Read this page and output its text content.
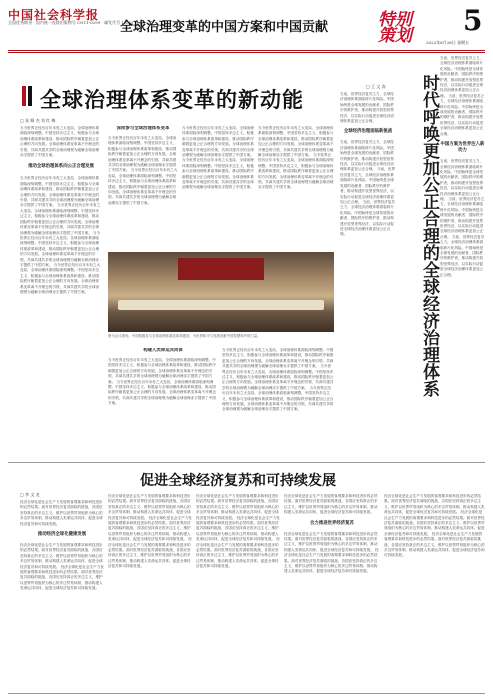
中国社会科学报
全国优秀期刊 · 国内统一连续出版物号 CN11-0299 · 邮发代号 1-270
全球治理变革的中国方案和中国贡献	特别策划 5
2022年8月26日 星期五
全球治理体系变革的新动能
□ 张 顺 杰 刘 红 梅
当今世界正经历百年未有之大变局，全球治理体系面临深刻调整。中国坚持多边主义，积极参与全球治理体系改革和建设，推动国际秩序朝着更加公正合理的方向发展。全球治理体系变革离不开理念的引领，共商共建共享的全球治理观为破解全球治理赤字提供了中国方案。
推动全球治理体系向公正合理发展
当今世界正经历百年未有之大变局，全球治理体系面临深刻调整。中国坚持多边主义，积极参与全球治理体系改革和建设，推动国际秩序朝着更加公正合理的方向发展。全球治理体系变革离不开理念的引领，共商共建共享的全球治理观为破解全球治理赤字提供了中国方案。 当今世界正经历百年未有之大变局，全球治理体系面临深刻调整。中国坚持多边主义，积极参与全球治理体系改革和建设，推动国际秩序朝着更加公正合理的方向发展。全球治理体系变革离不开理念的引领，共商共建共享的全球治理观为破解全球治理赤字提供了中国方案。 当今世界正经历百年未有之大变局，全球治理体系面临深刻调整。中国坚持多边主义，积极参与全球治理体系改革和建设，推动国际秩序朝着更加公正合理的方向发展。全球治理体系变革离不开理念的引领，共商共建共享的全球治理观为破解全球治理赤字提供了中国方案。 当今世界正经历百年未有之大变局，全球治理体系面临深刻调整。中国坚持多边主义，积极参与全球治理体系改革和建设，推动国际秩序朝着更加公正合理的方向发展。全球治理体系变革离不开理念的引领，共商共建共享的全球治理观为破解全球治理赤字提供了中国方案。
深度参与全球治理体系变革
当今世界正经历百年未有之大变局，全球治理体系面临深刻调整。中国坚持多边主义，积极参与全球治理体系改革和建设，推动国际秩序朝着更加公正合理的方向发展。全球治理体系变革离不开理念的引领，共商共建共享的全球治理观为破解全球治理赤字提供了中国方案。 当今世界正经历百年未有之大变局，全球治理体系面临深刻调整。中国坚持多边主义，积极参与全球治理体系改革和建设，推动国际秩序朝着更加公正合理的方向发展。全球治理体系变革离不开理念的引领，共商共建共享的全球治理观为破解全球治理赤字提供了中国方案。
当今世界正经历百年未有之大变局，全球治理体系面临深刻调整。中国坚持多边主义，积极参与全球治理体系改革和建设，推动国际秩序朝着更加公正合理的方向发展。全球治理体系变革离不开理念的引领，共商共建共享的全球治理观为破解全球治理赤字提供了中国方案。 当今世界正经历百年未有之大变局，全球治理体系面临深刻调整。中国坚持多边主义，积极参与全球治理体系改革和建设，推动国际秩序朝着更加公正合理的方向发展。全球治理体系变革离不开理念的引领，共商共建共享的全球治理观为破解全球治理赤字提供了中国方案。
当今世界正经历百年未有之大变局，全球治理体系面临深刻调整。中国坚持多边主义，积极参与全球治理体系改革和建设，推动国际秩序朝着更加公正合理的方向发展。全球治理体系变革离不开理念的引领，共商共建共享的全球治理观为破解全球治理赤字提供了中国方案。 当今世界正经历百年未有之大变局，全球治理体系面临深刻调整。中国坚持多边主义，积极参与全球治理体系改革和建设，推动国际秩序朝着更加公正合理的方向发展。全球治理体系变革离不开理念的引领，共商共建共享的全球治理观为破解全球治理赤字提供了中国方案。
图为会议现场。中国积极参与全球治理体系改革和建设，为世界和平与发展贡献中国智慧和中国力量。
构建人类命运共同体
当今世界正经历百年未有之大变局，全球治理体系面临深刻调整。中国坚持多边主义，积极参与全球治理体系改革和建设，推动国际秩序朝着更加公正合理的方向发展。全球治理体系变革离不开理念的引领，共商共建共享的全球治理观为破解全球治理赤字提供了中国方案。 当今世界正经历百年未有之大变局，全球治理体系面临深刻调整。中国坚持多边主义，积极参与全球治理体系改革和建设，推动国际秩序朝着更加公正合理的方向发展。全球治理体系变革离不开理念的引领，共商共建共享的全球治理观为破解全球治理赤字提供了中国方案。
当今世界正经历百年未有之大变局，全球治理体系面临深刻调整。中国坚持多边主义，积极参与全球治理体系改革和建设，推动国际秩序朝着更加公正合理的方向发展。全球治理体系变革离不开理念的引领，共商共建共享的全球治理观为破解全球治理赤字提供了中国方案。 当今世界正经历百年未有之大变局，全球治理体系面临深刻调整。中国坚持多边主义，积极参与全球治理体系改革和建设，推动国际秩序朝着更加公正合理的方向发展。全球治理体系变革离不开理念的引领，共商共建共享的全球治理观为破解全球治理赤字提供了中国方案。 当今世界正经历百年未有之大变局，全球治理体系面临深刻调整。中国坚持多边主义，积极参与全球治理体系改革和建设，推动国际秩序朝着更加公正合理的方向发展。全球治理体系变革离不开理念的引领，共商共建共享的全球治理观为破解全球治理赤字提供了中国方案。
□ 王 文 涛
当前，世界经济复苏乏力，全球经济治理体系面临碎片化风险。中国始终是全球发展的贡献者、国际秩序的维护者，推动构建开放型世界经济，以实际行动促进全球经济治理体系更加公正合理。
全球经济治理面临新挑战
当前，世界经济复苏乏力，全球经济治理体系面临碎片化风险。中国始终是全球发展的贡献者、国际秩序的维护者，推动构建开放型世界经济，以实际行动促进全球经济治理体系更加公正合理。 当前，世界经济复苏乏力，全球经济治理体系面临碎片化风险。中国始终是全球发展的贡献者、国际秩序的维护者，推动构建开放型世界经济，以实际行动促进全球经济治理体系更加公正合理。 当前，世界经济复苏乏力，全球经济治理体系面临碎片化风险。中国始终是全球发展的贡献者、国际秩序的维护者，推动构建开放型世界经济，以实际行动促进全球经济治理体系更加公正合理。	时代呼唤更加公正合理的全球经济治理体系
当前，世界经济复苏乏力，全球经济治理体系面临碎片化风险。中国始终是全球发展的贡献者、国际秩序的维护者，推动构建开放型世界经济，以实际行动促进全球经济治理体系更加公正合理。 当前，世界经济复苏乏力，全球经济治理体系面临碎片化风险。中国始终是全球发展的贡献者、国际秩序的维护者，推动构建开放型世界经济，以实际行动促进全球经济治理体系更加公正合理。
中国方案为世界注入新动力
当前，世界经济复苏乏力，全球经济治理体系面临碎片化风险。中国始终是全球发展的贡献者、国际秩序的维护者，推动构建开放型世界经济，以实际行动促进全球经济治理体系更加公正合理。 当前，世界经济复苏乏力，全球经济治理体系面临碎片化风险。中国始终是全球发展的贡献者、国际秩序的维护者，推动构建开放型世界经济，以实际行动促进全球经济治理体系更加公正合理。 当前，世界经济复苏乏力，全球经济治理体系面临碎片化风险。中国始终是全球发展的贡献者、国际秩序的维护者，推动构建开放型世界经济，以实际行动促进全球经济治理体系更加公正合理。
促进全球经济复苏和可持续发展
□ 李 文 龙
经济全球化是社会生产力发展的客观要求和科技进步的必然结果。面对世界经济复苏面临的挑战，各国应坚持真正的多边主义，维护以世界贸易组织为核心的多边贸易体制，推动构建人类命运共同体，促进全球经济复苏和可持续发展。
推动经济全球化健康发展
经济全球化是社会生产力发展的客观要求和科技进步的必然结果。面对世界经济复苏面临的挑战，各国应坚持真正的多边主义，维护以世界贸易组织为核心的多边贸易体制，推动构建人类命运共同体，促进全球经济复苏和可持续发展。 经济全球化是社会生产力发展的客观要求和科技进步的必然结果。面对世界经济复苏面临的挑战，各国应坚持真正的多边主义，维护以世界贸易组织为核心的多边贸易体制，推动构建人类命运共同体，促进全球经济复苏和可持续发展。
经济全球化是社会生产力发展的客观要求和科技进步的必然结果。面对世界经济复苏面临的挑战，各国应坚持真正的多边主义，维护以世界贸易组织为核心的多边贸易体制，推动构建人类命运共同体，促进全球经济复苏和可持续发展。 经济全球化是社会生产力发展的客观要求和科技进步的必然结果。面对世界经济复苏面临的挑战，各国应坚持真正的多边主义，维护以世界贸易组织为核心的多边贸易体制，推动构建人类命运共同体，促进全球经济复苏和可持续发展。 经济全球化是社会生产力发展的客观要求和科技进步的必然结果。面对世界经济复苏面临的挑战，各国应坚持真正的多边主义，维护以世界贸易组织为核心的多边贸易体制，推动构建人类命运共同体，促进全球经济复苏和可持续发展。
经济全球化是社会生产力发展的客观要求和科技进步的必然结果。面对世界经济复苏面临的挑战，各国应坚持真正的多边主义，维护以世界贸易组织为核心的多边贸易体制，推动构建人类命运共同体，促进全球经济复苏和可持续发展。 经济全球化是社会生产力发展的客观要求和科技进步的必然结果。面对世界经济复苏面临的挑战，各国应坚持真正的多边主义，维护以世界贸易组织为核心的多边贸易体制，推动构建人类命运共同体，促进全球经济复苏和可持续发展。 经济全球化是社会生产力发展的客观要求和科技进步的必然结果。面对世界经济复苏面临的挑战，各国应坚持真正的多边主义，维护以世界贸易组织为核心的多边贸易体制，推动构建人类命运共同体，促进全球经济复苏和可持续发展。
经济全球化是社会生产力发展的客观要求和科技进步的必然结果。面对世界经济复苏面临的挑战，各国应坚持真正的多边主义，维护以世界贸易组织为核心的多边贸易体制，推动构建人类命运共同体，促进全球经济复苏和可持续发展。
合力推进世界经济复苏
经济全球化是社会生产力发展的客观要求和科技进步的必然结果。面对世界经济复苏面临的挑战，各国应坚持真正的多边主义，维护以世界贸易组织为核心的多边贸易体制，推动构建人类命运共同体，促进全球经济复苏和可持续发展。 经济全球化是社会生产力发展的客观要求和科技进步的必然结果。面对世界经济复苏面临的挑战，各国应坚持真正的多边主义，维护以世界贸易组织为核心的多边贸易体制，推动构建人类命运共同体，促进全球经济复苏和可持续发展。
经济全球化是社会生产力发展的客观要求和科技进步的必然结果。面对世界经济复苏面临的挑战，各国应坚持真正的多边主义，维护以世界贸易组织为核心的多边贸易体制，推动构建人类命运共同体，促进全球经济复苏和可持续发展。 经济全球化是社会生产力发展的客观要求和科技进步的必然结果。面对世界经济复苏面临的挑战，各国应坚持真正的多边主义，维护以世界贸易组织为核心的多边贸易体制，推动构建人类命运共同体，促进全球经济复苏和可持续发展。 经济全球化是社会生产力发展的客观要求和科技进步的必然结果。面对世界经济复苏面临的挑战，各国应坚持真正的多边主义，维护以世界贸易组织为核心的多边贸易体制，推动构建人类命运共同体，促进全球经济复苏和可持续发展。
